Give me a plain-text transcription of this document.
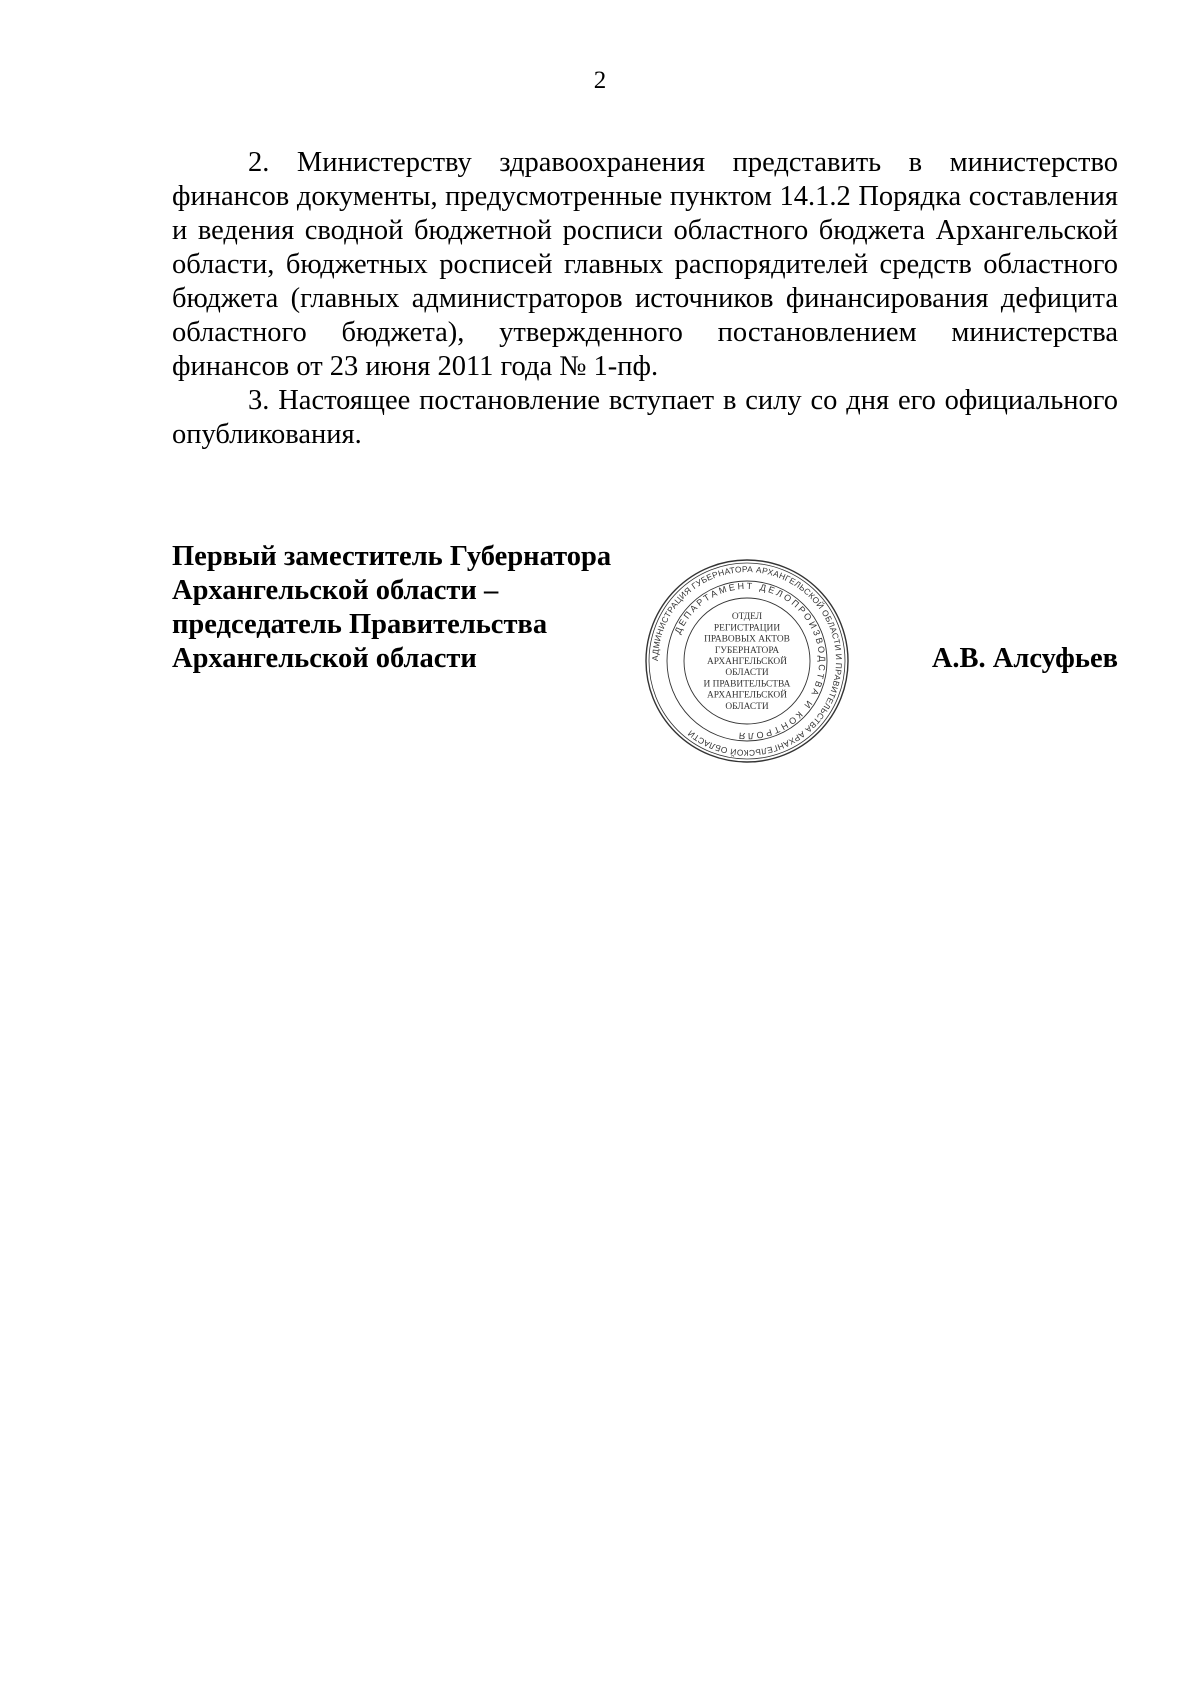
2

2. Министерству здравоохранения представить в министерство финансов документы, предусмотренные пунктом 14.1.2 Порядка составления и ведения сводной бюджетной росписи областного бюджета Архангельской области, бюджетных росписей главных распорядителей средств областного бюджета (главных администраторов источников финансирования дефицита областного бюджета), утвержденного постановлением министерства финансов от 23 июня 2011 года № 1-пф.

3. Настоящее постановление вступает в силу со дня его официального опубликования.

Первый заместитель Губернатора
Архангельской области –
председатель Правительства
Архангельской области	АДМИНИСТРАЦИЯ ГУБЕРНАТОРА АРХАНГЕЛЬСКОЙ ОБЛАСТИ И ПРАВИТЕЛЬСТВА АРХАНГЕЛЬСКОЙ ОБЛАСТИ
ДЕПАРТАМЕНТ ДЕЛОПРОИЗВОДСТВА И КОНТРОЛЯ
ОТДЕЛ
РЕГИСТРАЦИИ
ПРАВОВЫХ АКТОВ
ГУБЕРНАТОРА
АРХАНГЕЛЬСКОЙ
ОБЛАСТИ
И ПРАВИТЕЛЬСТВА
АРХАНГЕЛЬСКОЙ
ОБЛАСТИ
А.В. Алсуфьев
